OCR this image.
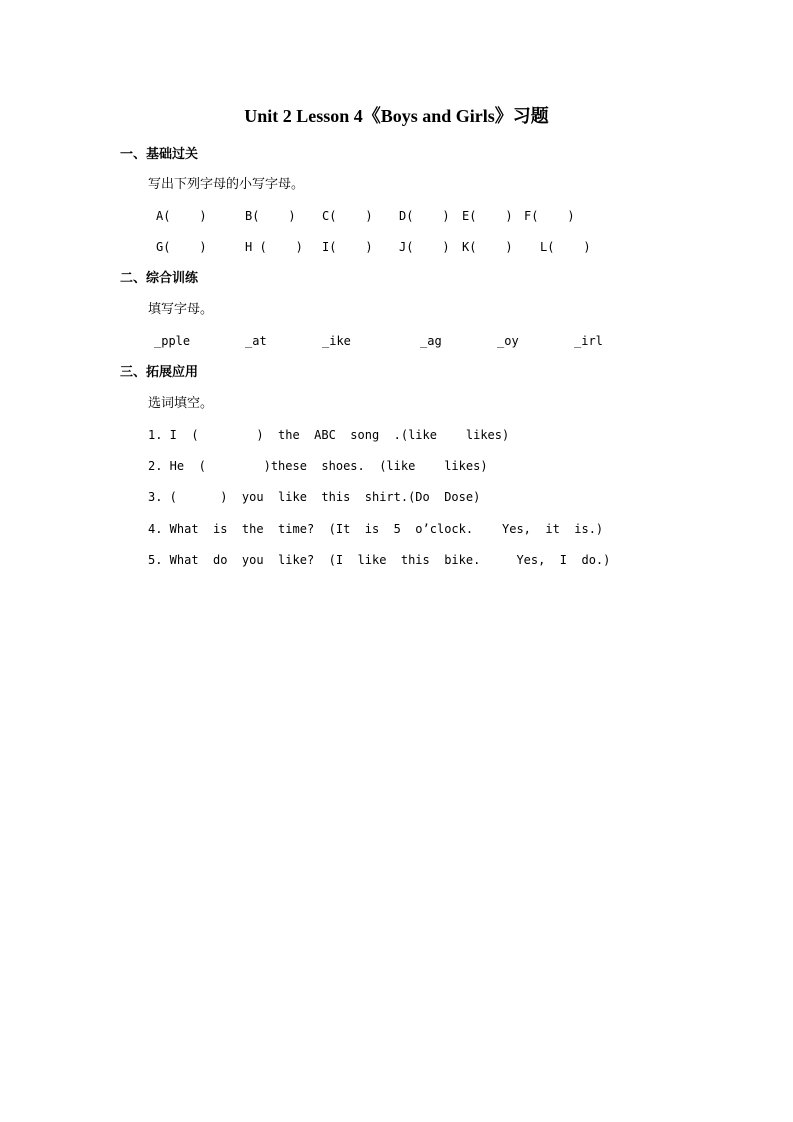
Unit 2 Lesson 4《Boys and Girls》习题
一、基础过关
写出下列字母的小写字母。
A(    )	B(    ) C(    ) D(    ) E(    ) F(    )
G(    )	H (    ) I(    ) J(    ) K(    ) L(    )
二、综合训练
填写字母。
_pple	_at	_ike	_ag	_oy	_irl
三、拓展应用
选词填空。
1. I  (        )  the  ABC  song  .(like    likes)
2. He  (        )these  shoes.  (like    likes)
3. (      )  you  like  this  shirt.(Do  Dose)
4. What  is  the  time?  (It  is  5  o’clock.    Yes,  it  is.)
5. What  do  you  like?  (I  like  this  bike.     Yes,  I  do.)
